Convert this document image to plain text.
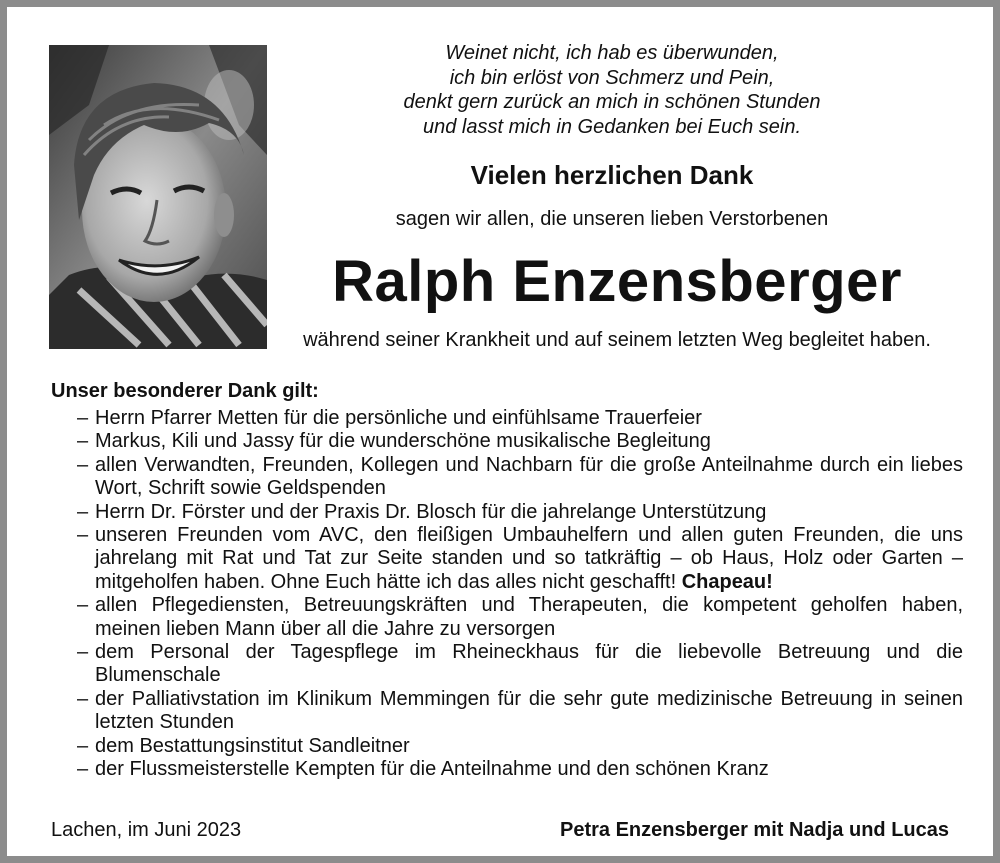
Weinet nicht, ich hab es überwunden,
ich bin erlöst von Schmerz und Pein,
denkt gern zurück an mich in schönen Stunden
und lasst mich in Gedanken bei Euch sein.
Vielen herzlichen Dank
sagen wir allen, die unseren lieben Verstorbenen
Ralph Enzensberger
während seiner Krankheit und auf seinem letzten Weg begleitet haben.
Unser besonderer Dank gilt:
– Herrn Pfarrer Metten für die persönliche und einfühlsame Trauerfeier
– Markus, Kili und Jassy für die wunderschöne musikalische Begleitung
– allen Verwandten, Freunden, Kollegen und Nachbarn für die große Anteilnahme durch ein liebes Wort, Schrift sowie Geldspenden
– Herrn Dr. Förster und der Praxis Dr. Blosch für die jahrelange Unterstützung
– unseren Freunden vom AVC, den fleißigen Umbauhelfern und allen guten Freunden, die uns jahrelang mit Rat und Tat zur Seite standen und so tatkräftig – ob Haus, Holz oder Garten – mitgeholfen haben. Ohne Euch hätte ich das alles nicht geschafft! Chapeau!
– allen Pflegediensten, Betreuungskräften und Therapeuten, die kompetent geholfen haben, meinen lieben Mann über all die Jahre zu versorgen
– dem Personal der Tagespflege im Rheineckhaus für die liebevolle Betreuung und die Blumenschale
– der Palliativstation im Klinikum Memmingen für die sehr gute medizinische Betreuung in seinen letzten Stunden
– dem Bestattungsinstitut Sandleitner
– der Flussmeisterstelle Kempten für die Anteilnahme und den schönen Kranz
Lachen, im Juni 2023	Petra Enzensberger mit Nadja und Lucas
